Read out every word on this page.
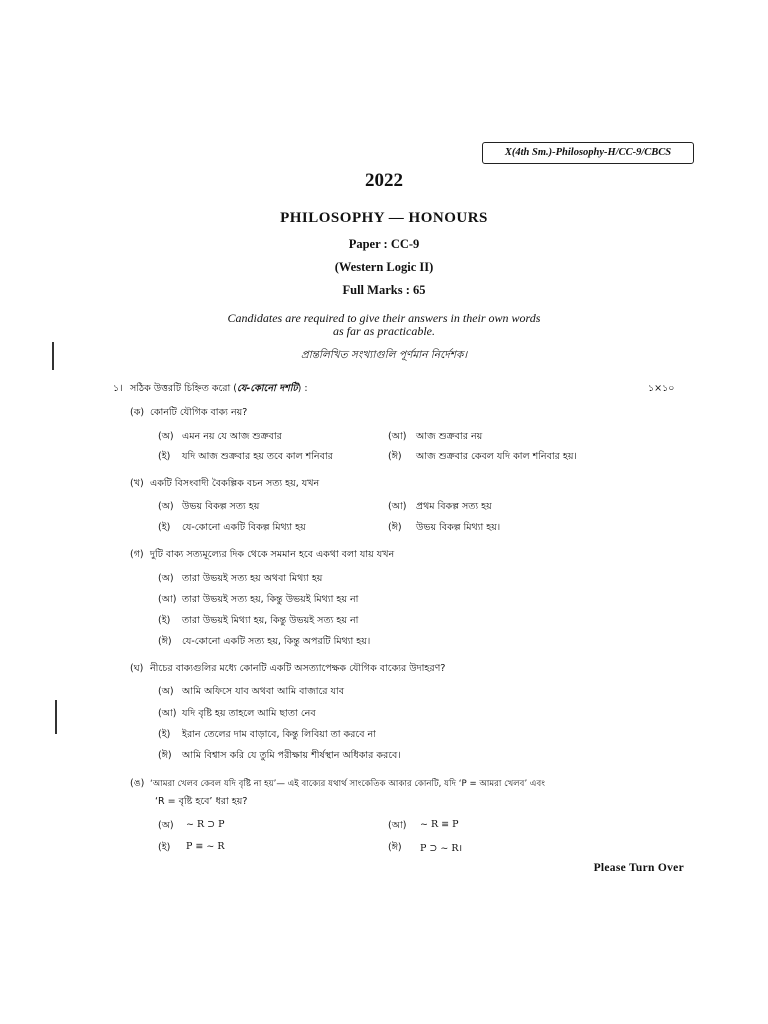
X(4th Sm.)-Philosophy-H/CC-9/CBCS
2022
PHILOSOPHY — HONOURS
Paper : CC-9
(Western Logic II)
Full Marks : 65
Candidates are required to give their answers in their own words
as far as practicable.
প্রান্তলিখিত সংখ্যাগুলি পূর্ণমান নির্দেশক।
১। সঠিক উত্তরটি চিহ্নিত করো (যে-কোনো দশটি) :	১×১০
(ক) কোনটি যৌগিক বাক্য নয়?
(অ) এমন নয় যে আজ শুক্রবার	(আ) আজ শুক্রবার নয়
(ই) যদি আজ শুক্রবার হয় তবে কাল শনিবার	(ঈ) আজ শুক্রবার কেবল যদি কাল শনিবার হয়।
(খ) একটি বিসংবাদী বৈকল্পিক বচন সত্য হয়, যখন
(অ) উভয় বিকল্প সত্য হয়	(আ) প্রথম বিকল্প সত্য হয়
(ই) যে-কোনো একটি বিকল্প মিথ্যা হয়	(ঈ) উভয় বিকল্প মিথ্যা হয়।
(গ) দুটি বাক্য সত্যমূল্যের দিক থেকে সমমান হবে একথা বলা যায় যখন
(অ) তারা উভয়ই সত্য হয় অথবা মিথ্যা হয়
(আ) তারা উভয়ই সত্য হয়, কিন্তু উভয়ই মিথ্যা হয় না
(ই) তারা উভয়ই মিথ্যা হয়, কিন্তু উভয়ই সত্য হয় না
(ঈ) যে-কোনো একটি সত্য হয়, কিন্তু অপরটি মিথ্যা হয়।
(ঘ) নীচের বাক্যগুলির মধ্যে কোনটি একটি অসত্যাপেক্ষক যৌগিক বাক্যের উদাহরণ?
(অ) আমি অফিসে যাব অথবা আমি বাজারে যাব
(আ) যদি বৃষ্টি হয় তাহলে আমি ছাতা নেব
(ই) ইরান তেলের দাম বাড়াবে, কিন্তু লিবিয়া তা করবে না
(ঈ) আমি বিশ্বাস করি যে তুমি পরীক্ষায় শীর্ষস্থান অধিকার করবে।
(ঙ) ‘আমরা খেলব কেবল যদি বৃষ্টি না হয়’— এই বাক্যের যথার্থ সাংকেতিক আকার কোনটি, যদি ‘P = আমরা খেলব’ এবং
‘R = বৃষ্টি হবে’ ধরা হয়?
(অ) ~ R ⊃ P	(আ) ~ R ≡ P
(ই) P ≡ ~ R	(ঈ) P ⊃ ~ R।
Please Turn Over
